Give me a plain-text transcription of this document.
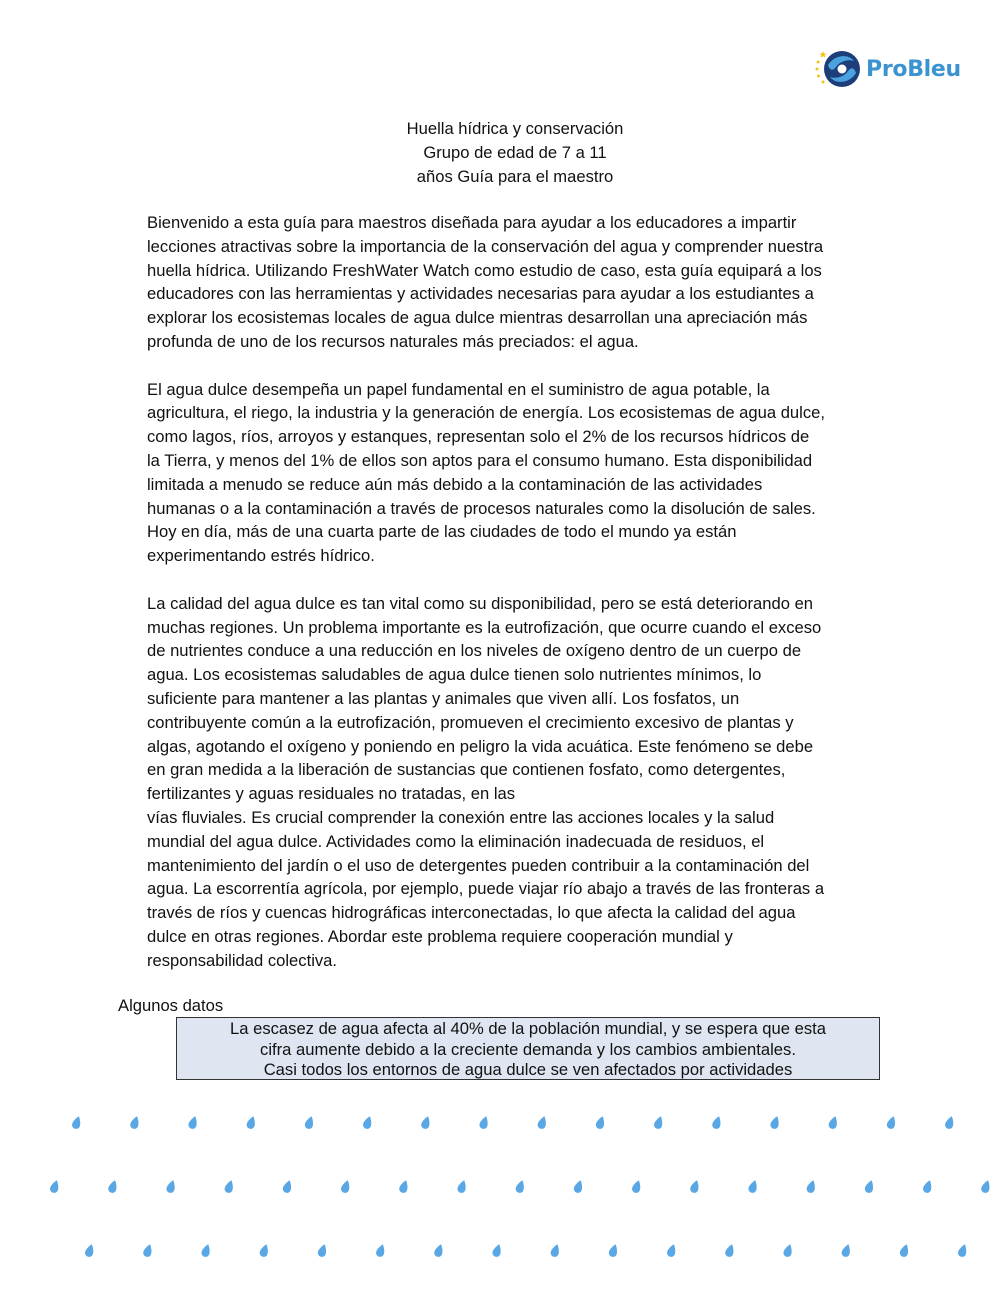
ProBleu
Huella hídrica y conservación
Grupo de edad de 7 a 11
años Guía para el maestro

Bienvenido a esta guía para maestros diseñada para ayudar a los educadores a impartir
lecciones atractivas sobre la importancia de la conservación del agua y comprender nuestra
huella hídrica. Utilizando FreshWater Watch como estudio de caso, esta guía equipará a los
educadores con las herramientas y actividades necesarias para ayudar a los estudiantes a
explorar los ecosistemas locales de agua dulce mientras desarrollan una apreciación más
profunda de uno de los recursos naturales más preciados: el agua.

El agua dulce desempeña un papel fundamental en el suministro de agua potable, la
agricultura, el riego, la industria y la generación de energía. Los ecosistemas de agua dulce,
como lagos, ríos, arroyos y estanques, representan solo el 2% de los recursos hídricos de
la Tierra, y menos del 1% de ellos son aptos para el consumo humano. Esta disponibilidad
limitada a menudo se reduce aún más debido a la contaminación de las actividades
humanas o a la contaminación a través de procesos naturales como la disolución de sales.
Hoy en día, más de una cuarta parte de las ciudades de todo el mundo ya están
experimentando estrés hídrico.

La calidad del agua dulce es tan vital como su disponibilidad, pero se está deteriorando en
muchas regiones. Un problema importante es la eutrofización, que ocurre cuando el exceso
de nutrientes conduce a una reducción en los niveles de oxígeno dentro de un cuerpo de
agua. Los ecosistemas saludables de agua dulce tienen solo nutrientes mínimos, lo
suficiente para mantener a las plantas y animales que viven allí. Los fosfatos, un
contribuyente común a la eutrofización, promueven el crecimiento excesivo de plantas y
algas, agotando el oxígeno y poniendo en peligro la vida acuática. Este fenómeno se debe
en gran medida a la liberación de sustancias que contienen fosfato, como detergentes,
fertilizantes y aguas residuales no tratadas, en las
vías fluviales. Es crucial comprender la conexión entre las acciones locales y la salud
mundial del agua dulce. Actividades como la eliminación inadecuada de residuos, el
mantenimiento del jardín o el uso de detergentes pueden contribuir a la contaminación del
agua. La escorrentía agrícola, por ejemplo, puede viajar río abajo a través de las fronteras a
través de ríos y cuencas hidrográficas interconectadas, lo que afecta la calidad del agua
dulce en otras regiones. Abordar este problema requiere cooperación mundial y
responsabilidad colectiva.

Algunos datos
La escasez de agua afecta al 40% de la población mundial, y se espera que esta
cifra aumente debido a la creciente demanda y los cambios ambientales.
Casi todos los entornos de agua dulce se ven afectados por actividades
